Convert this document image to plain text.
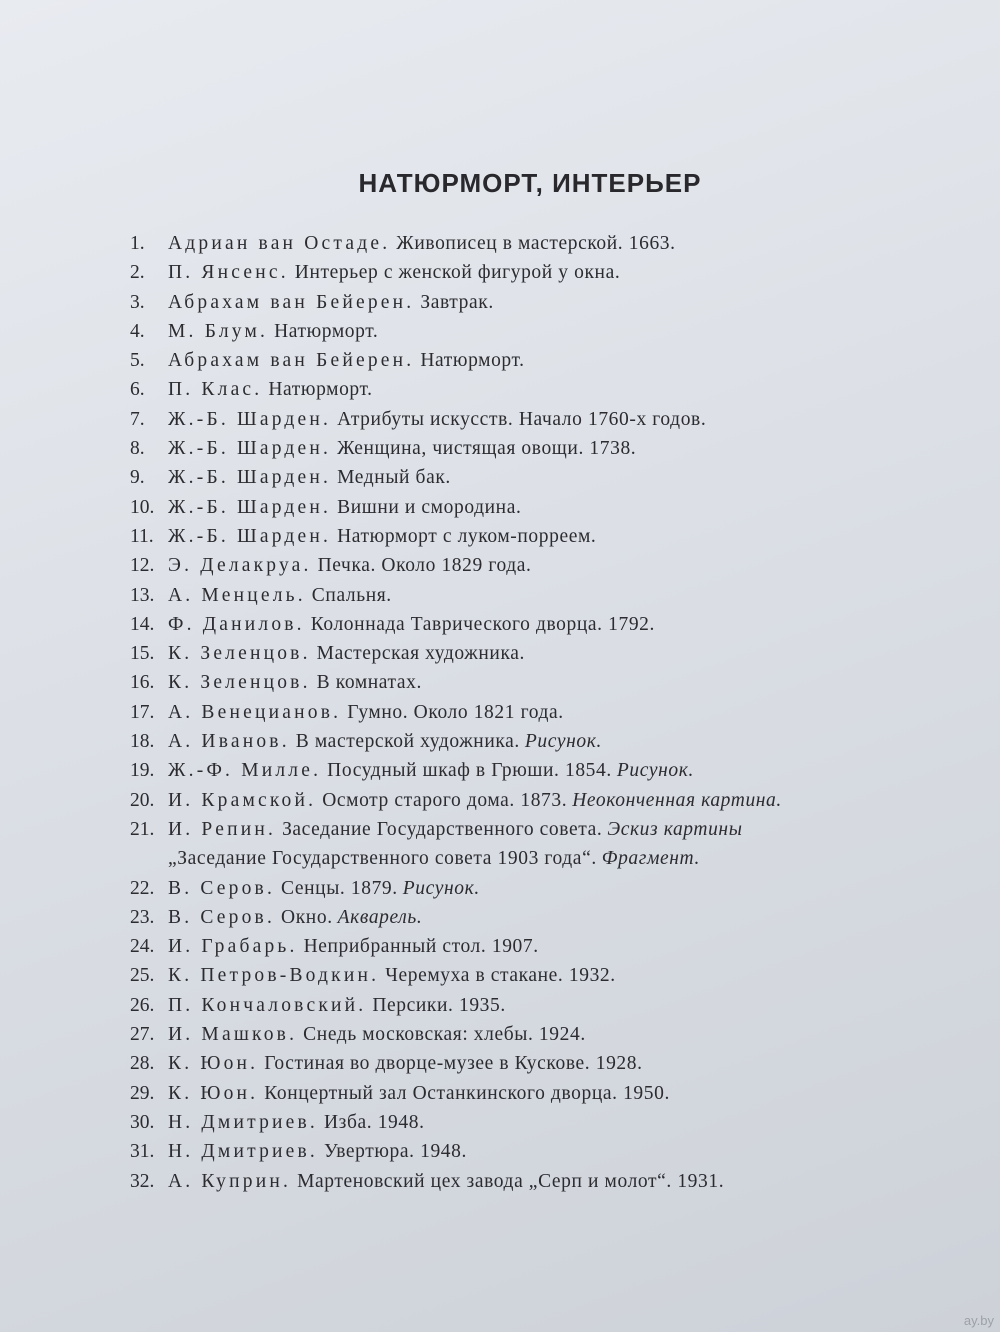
НАТЮРМОРТ, ИНТЕРЬЕР
1.	Адриан ван Остаде. Живописец в мастерской. 1663.
2.	П. Янсенс. Интерьер с женской фигурой у окна.
3.	Абрахам ван Бейерен. Завтрак.
4.	М. Блум. Натюрморт.
5.	Абрахам ван Бейерен. Натюрморт.
6.	П. Клас. Натюрморт.
7.	Ж.-Б. Шарден. Атрибуты искусств. Начало 1760-х годов.
8.	Ж.-Б. Шарден. Женщина, чистящая овощи. 1738.
9.	Ж.-Б. Шарден. Медный бак.
10. Ж.-Б. Шарден. Вишни и смородина.
11. Ж.-Б. Шарден. Натюрморт с луком-порреем.
12. Э. Делакруа. Печка. Около 1829 года.
13. А. Менцель. Спальня.
14. Ф. Данилов. Колоннада Таврического дворца. 1792.
15. К. Зеленцов. Мастерская художника.
16. К. Зеленцов. В комнатах.
17. А. Венецианов. Гумно. Около 1821 года.
18. А. Иванов. В мастерской художника. Рисунок.
19. Ж.-Ф. Милле. Посудный шкаф в Грюши. 1854. Рисунок.
20. И. Крамской. Осмотр старого дома. 1873. Неоконченная картина.
21. И. Репин. Заседание Государственного совета. Эскиз картины
„Заседание Государственного совета 1903 года“. Фрагмент.
22. В. Серов. Сенцы. 1879. Рисунок.
23. В. Серов. Окно. Акварель.
24. И. Грабарь. Неприбранный стол. 1907.
25. К. Петров-Водкин. Черемуха в стакане. 1932.
26. П. Кончаловский. Персики. 1935.
27. И. Машков. Снедь московская: хлебы. 1924.
28. К. Юон. Гостиная во дворце-музее в Кускове. 1928.
29. К. Юон. Концертный зал Останкинского дворца. 1950.
30. Н. Дмитриев. Изба. 1948.
31. Н. Дмитриев. Увертюра. 1948.
32. А. Куприн. Мартеновский цех завода „Серп и молот“. 1931.
ay.by
